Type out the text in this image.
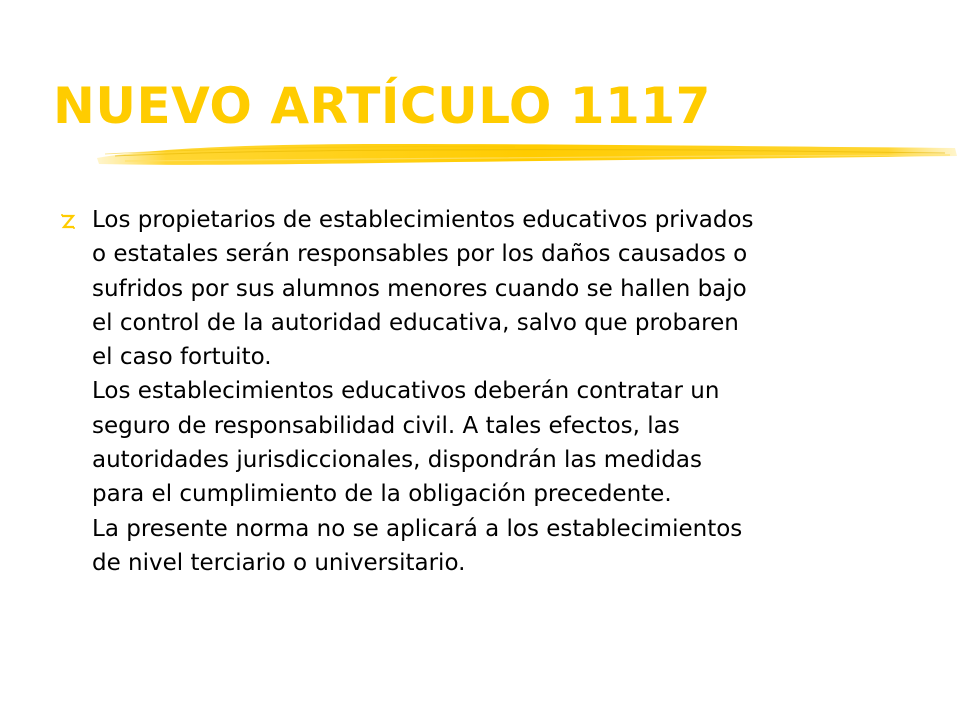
NUEVO ARTÍCULO 1117
Los propietarios de establecimientos educativos privados
o estatales serán responsables por los daños causados o
sufridos por sus alumnos menores cuando se hallen bajo
el control de la autoridad educativa, salvo que probaren
el caso fortuito.
Los establecimientos educativos deberán contratar un
seguro de responsabilidad civil. A tales efectos, las
autoridades jurisdiccionales, dispondrán las medidas
para el cumplimiento de la obligación precedente.
La presente norma no se aplicará a los establecimientos
de nivel terciario o universitario.
